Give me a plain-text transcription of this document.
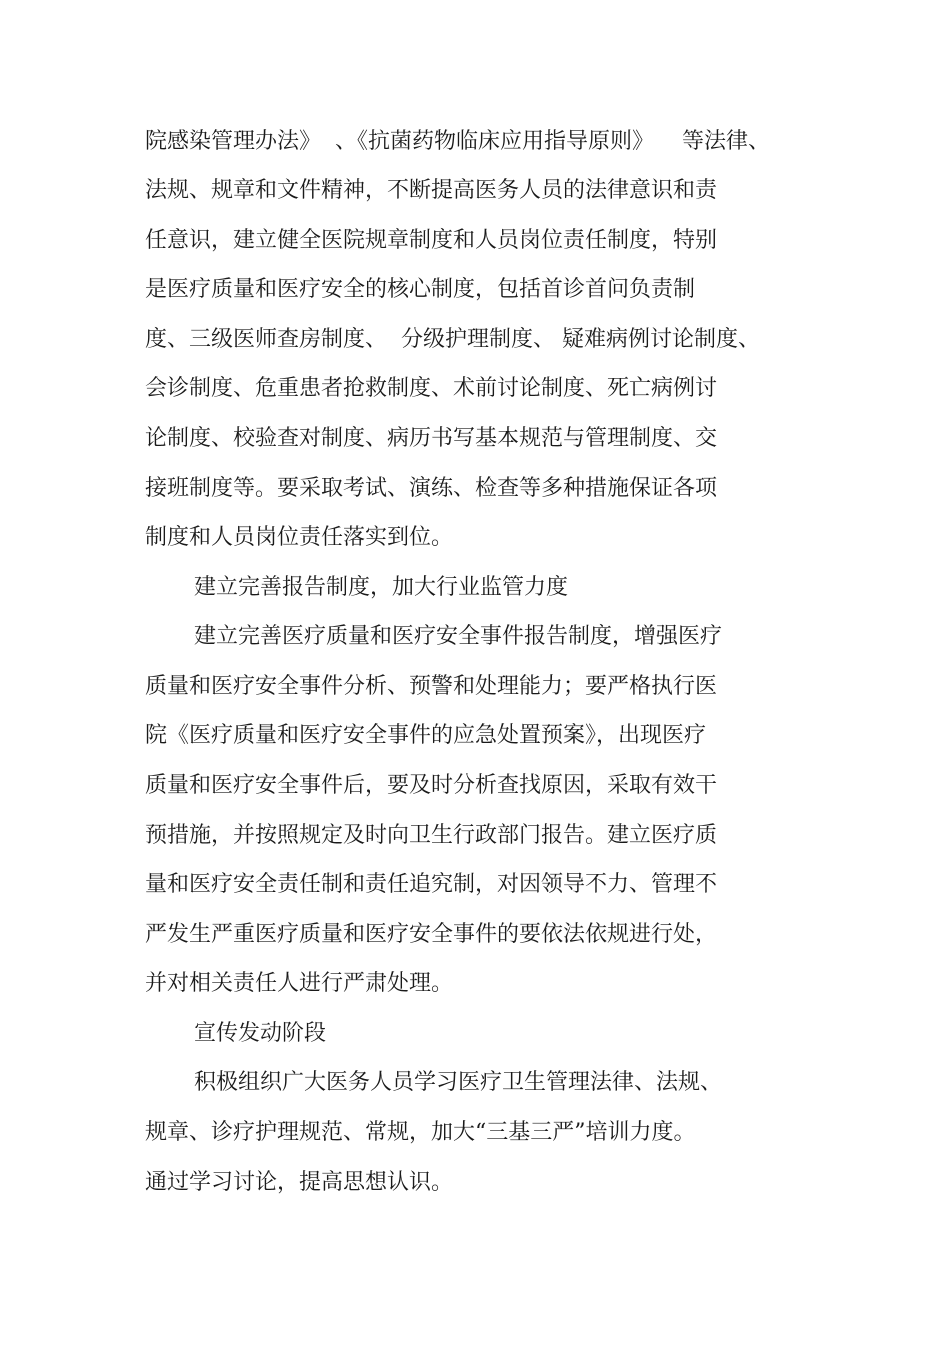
院感染管理办法》  、《抗菌药物临床应用指导原则》    等法律、
法规、规章和文件精神，不断提高医务人员的法律意识和责
任意识，建立健全医院规章制度和人员岗位责任制度，特别
是医疗质量和医疗安全的核心制度，包括首诊首问负责制
度、三级医师查房制度、  分级护理制度、 疑难病例讨论制度、
会诊制度、危重患者抢救制度、术前讨论制度、死亡病例讨
论制度、校验查对制度、病历书写基本规范与管理制度、交
接班制度等。要采取考试、演练、检查等多种措施保证各项
制度和人员岗位责任落实到位。
建立完善报告制度，加大行业监管力度
建立完善医疗质量和医疗安全事件报告制度，增强医疗
质量和医疗安全事件分析、预警和处理能力；要严格执行医
院《医疗质量和医疗安全事件的应急处置预案》，出现医疗
质量和医疗安全事件后，要及时分析查找原因，采取有效干
预措施，并按照规定及时向卫生行政部门报告。建立医疗质
量和医疗安全责任制和责任追究制，对因领导不力、管理不
严发生严重医疗质量和医疗安全事件的要依法依规进行处，
并对相关责任人进行严肃处理。
宣传发动阶段
积极组织广大医务人员学习医疗卫生管理法律、法规、
规章、诊疗护理规范、常规，加大“三基三严”培训力度。
通过学习讨论，提高思想认识。
